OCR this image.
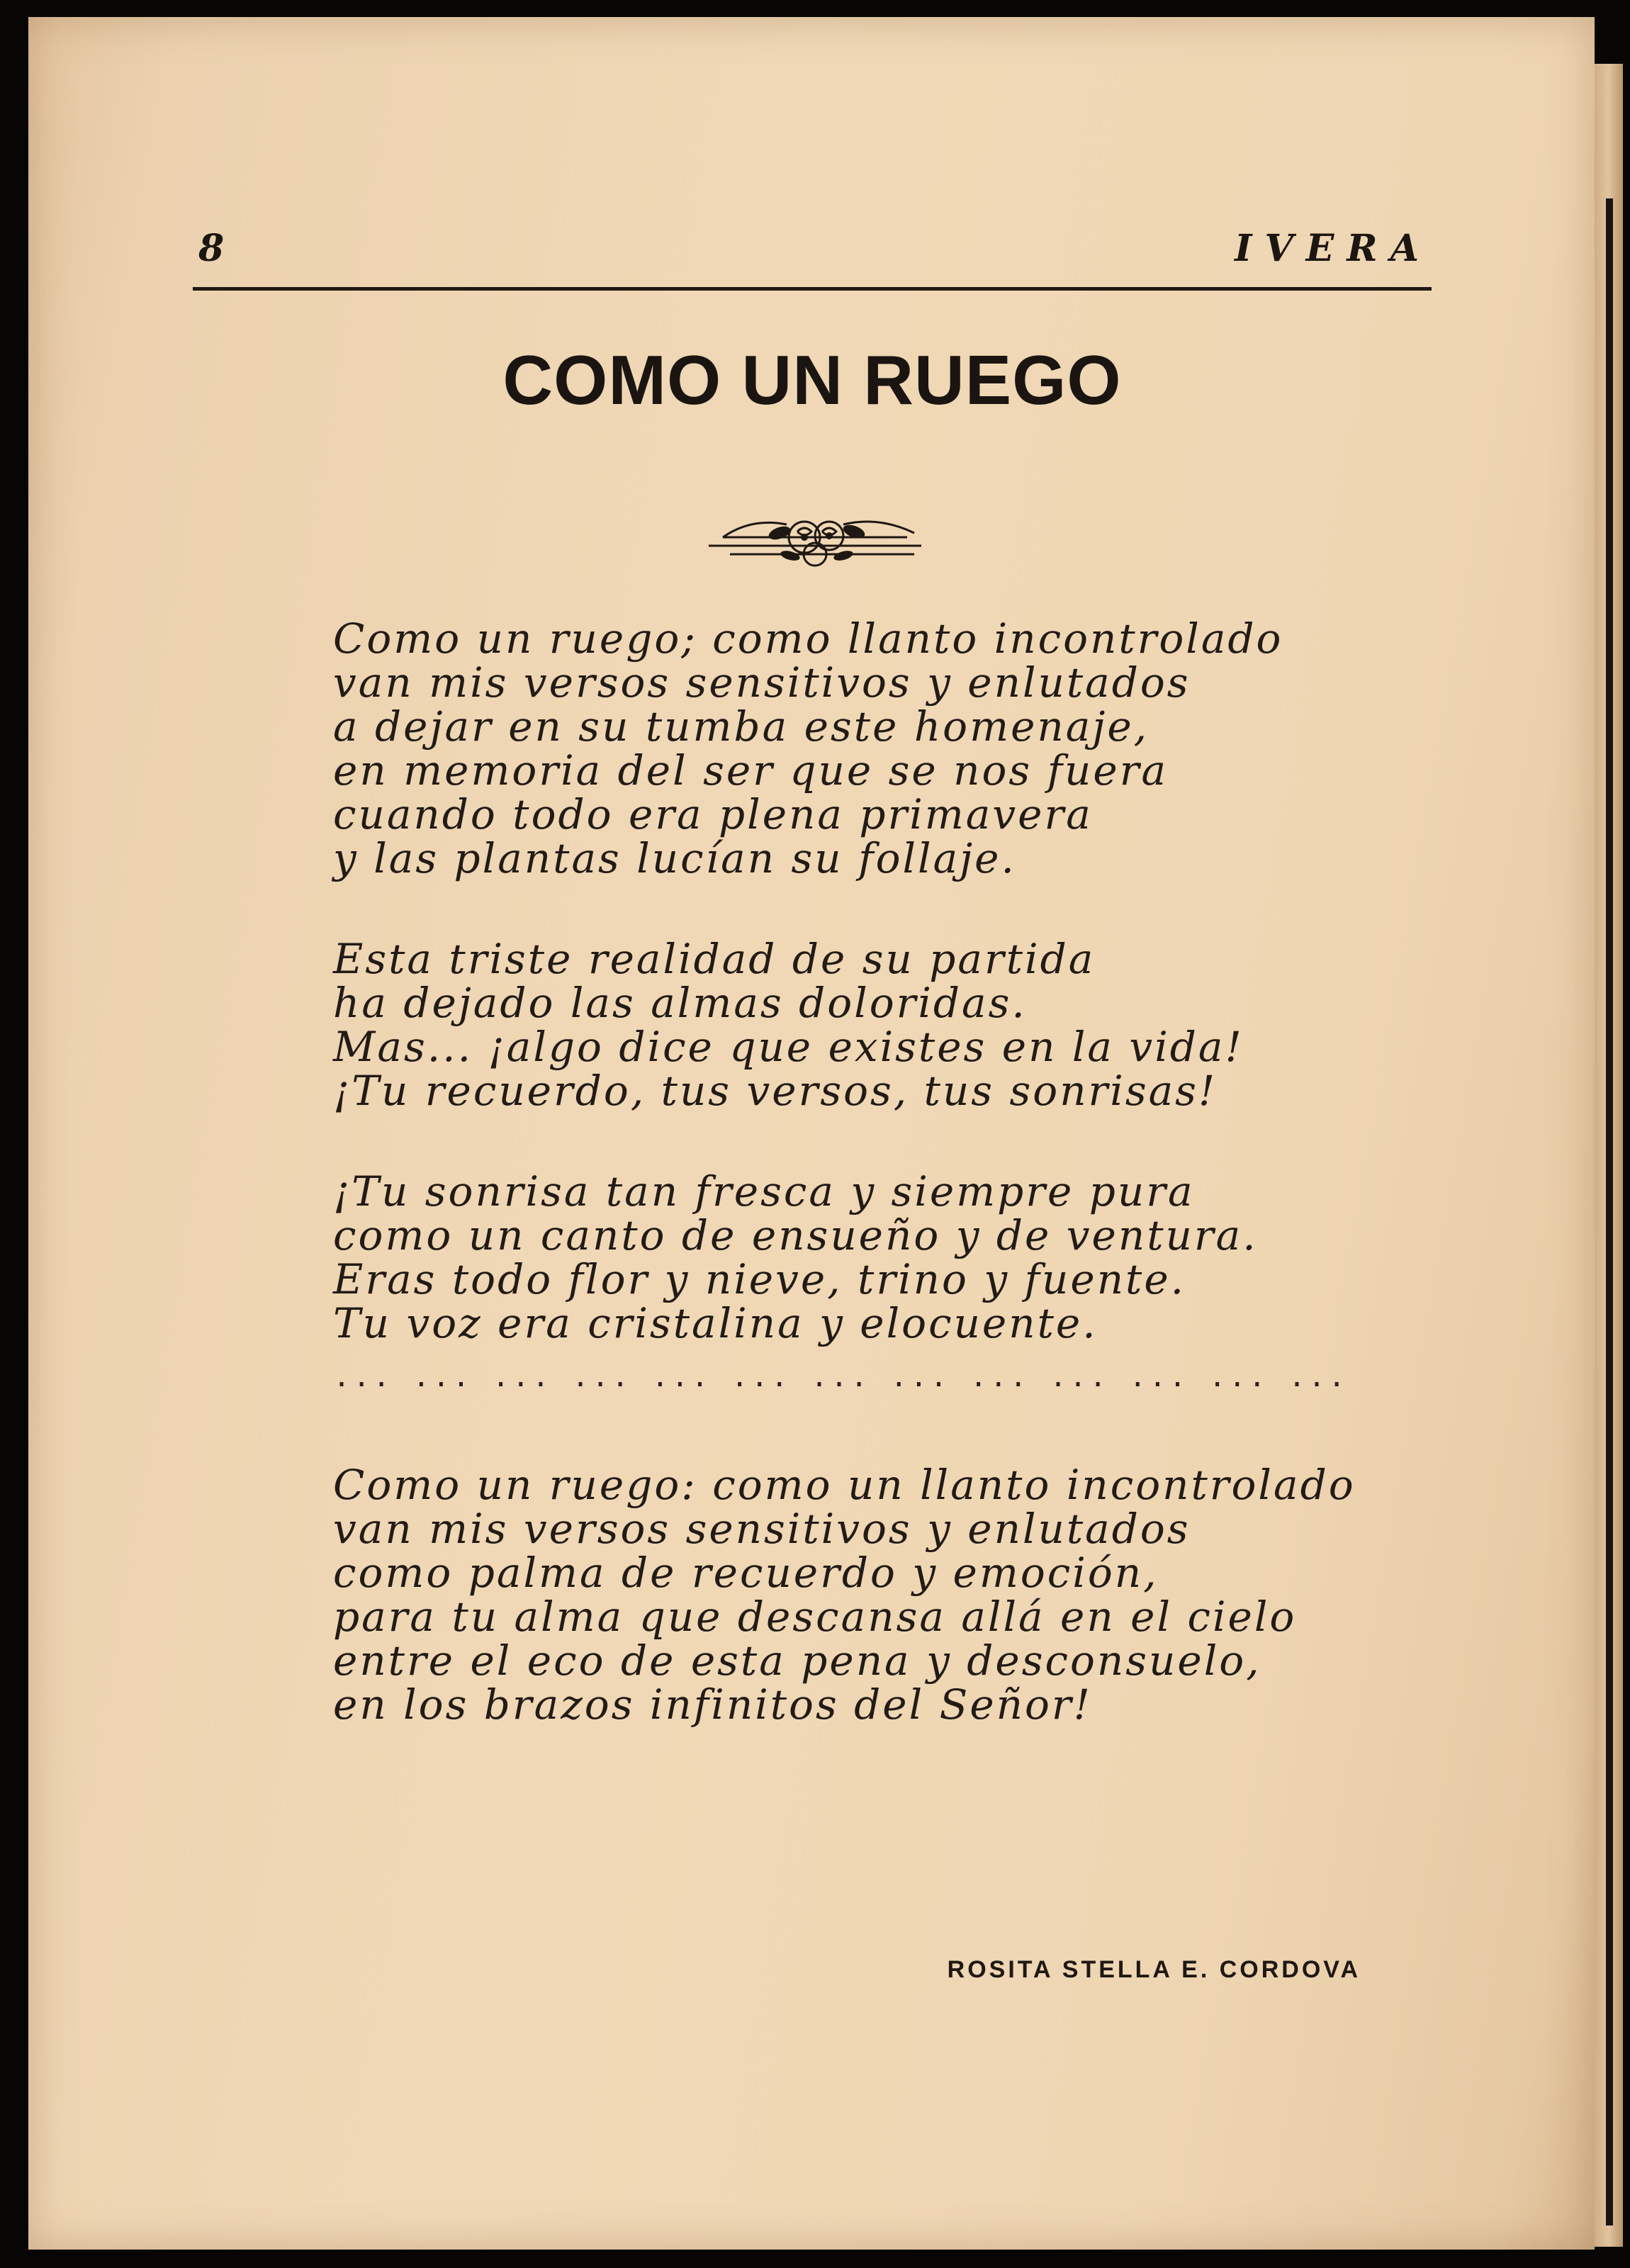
8	IVERA
COMO UN RUEGO
Como un ruego; como llanto incontrolado
van mis versos sensitivos y enlutados
a dejar en su tumba este homenaje,
en memoria del ser que se nos fuera
cuando todo era plena primavera
y las plantas lucían su follaje.
Esta triste realidad de su partida
ha dejado las almas doloridas.
Mas... ¡algo dice que existes en la vida!
¡Tu recuerdo, tus versos, tus sonrisas!
¡Tu sonrisa tan fresca y siempre pura
como un canto de ensueño y de ventura.
Eras todo flor y nieve, trino y fuente.
Tu voz era cristalina y elocuente.
... ... ... ... ... ... ... ... ... ... ... ... ...
Como un ruego: como un llanto incontrolado
van mis versos sensitivos y enlutados
como palma de recuerdo y emoción,
para tu alma que descansa allá en el cielo
entre el eco de esta pena y desconsuelo,
en los brazos infinitos del Señor!
ROSITA STELLA E. CORDOVA
